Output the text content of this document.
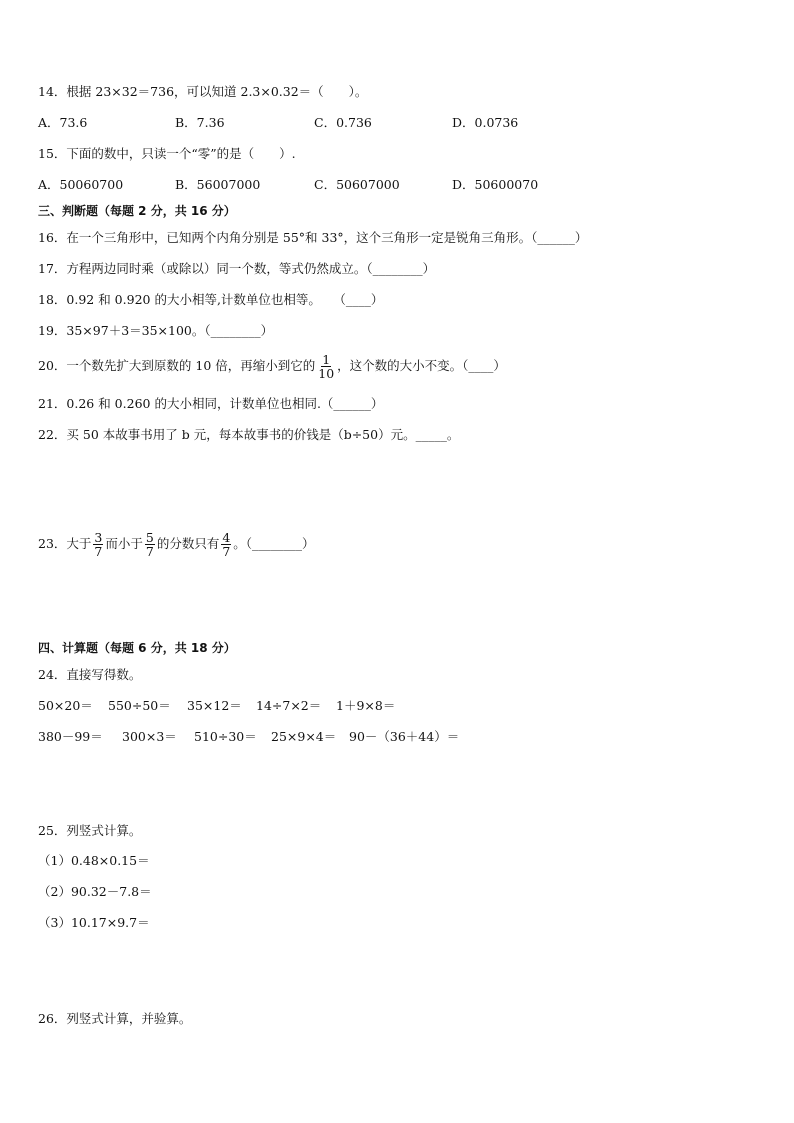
14．根据 23×32＝736，可以知道 2.3×0.32＝（　　）。
A．73.6	B．7.36	C．0.736	D．0.0736
15．下面的数中，只读一个“零”的是（　　）.
A．50060700	B．56007000	C．50607000	D．50600070
三、判断题（每题 2 分，共 16 分）
16．在一个三角形中，已知两个内角分别是 55°和 33°，这个三角形一定是锐角三角形。（______）
17．方程两边同时乘（或除以）同一个数，等式仍然成立。（________）
18．0.92 和 0.920 的大小相等,计数单位也相等。　　（____）
19．35×97＋3＝35×100。（________）
20．一个数先扩大到原数的 10 倍，再缩小到它的 $\frac{1}{10}$ ，这个数的大小不变。（____）
21．0.26 和 0.260 的大小相同，计数单位也相同.（______）
22．买 50 本故事书用了 b 元，每本故事书的价钱是（b÷50）元。_____。
23．大于 $\frac{3}{7}$ 而小于 $\frac{5}{7}$ 的分数只有 $\frac{4}{7}$ 。（________）
四、计算题（每题 6 分，共 18 分）
24．直接写得数。
50×20＝ 550÷50＝ 35×12＝ 14÷7×2＝ 1＋9×8＝
380－99＝ 300×3＝ 510÷30＝ 25×9×4＝ 90－（36＋44）＝
25．列竖式计算。
（1）0.48×0.15＝
（2）90.32－7.8＝
（3）10.17×9.7＝
26．列竖式计算，并验算。
